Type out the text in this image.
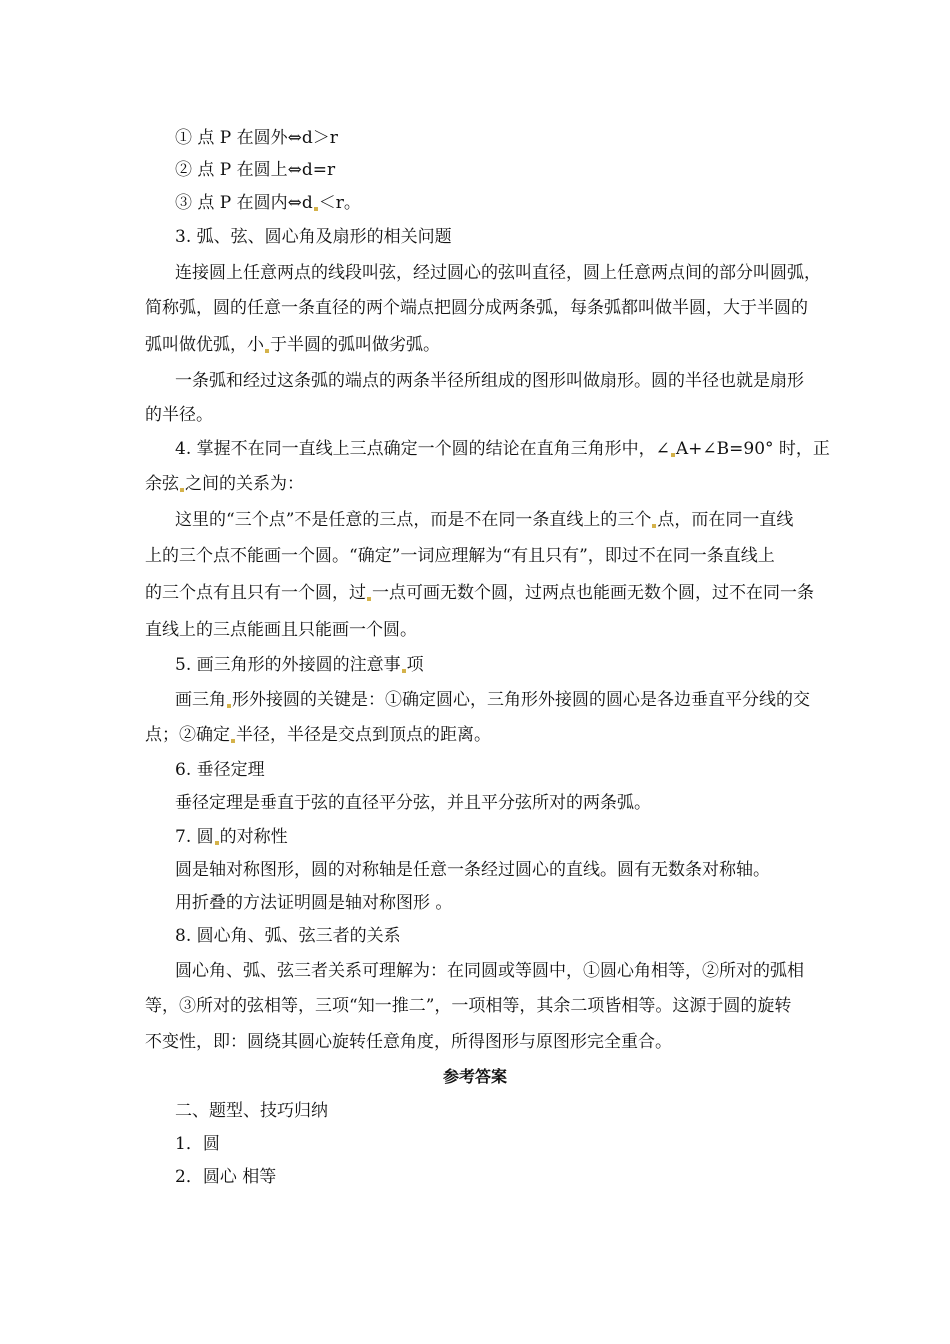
① 点 P 在圆外⇔d＞r
② 点 P 在圆上⇔d=r
③ 点 P 在圆内⇔d ＜r。
3. 弧、弦、圆心角及扇形的相关问题
连接圆上任意两点的线段叫弦，经过圆心的弦叫直径，圆上任意两点间的部分叫圆弧，
简称弧，圆的任意一条直径的两个端点把圆分成两条弧，每条弧都叫做半圆，大于半圆的
弧叫做优弧，小 于半圆的弧叫做劣弧。
一条弧和经过这条弧的端点的两条半径所组成的图形叫做扇形。圆的半径也就是扇形
的半径。
4. 掌握不在同一直线上三点确定一个圆的结论在直角三角形中，∠ A+∠B=90° 时，正
余弦 之间的关系为：
这里的“三个点”不是任意的三点，而是不在同一条直线上的三个 点，而在同一直线
上的三个点不能画一个圆。“确定”一词应理解为“有且只有”，即过不在同一条直线上
的三个点有且只有一个圆，过 一点可画无数个圆，过两点也能画无数个圆，过不在同一条
直线上的三点能画且只能画一个圆。
5. 画三角形的外接圆的注意事 项
画三角 形外接圆的关键是：①确定圆心，三角形外接圆的圆心是各边垂直平分线的交
点；②确定 半径，半径是交点到顶点的距离。
6. 垂径定理
垂径定理是垂直于弦的直径平分弦，并且平分弦所对的两条弧。
7. 圆 的对称性
圆是轴对称图形，圆的对称轴是任意一条经过圆心的直线。圆有无数条对称轴。
用折叠的方法证明圆是轴对称图形 。
8. 圆心角、弧、弦三者的关系
圆心角、弧、弦三者关系可理解为：在同圆或等圆中，①圆心角相等，②所对的弧相
等，③所对的弦相等，三项“知一推二”，一项相等，其余二项皆相等。这源于圆的旋转
不变性，即：圆绕其圆心旋转任意角度，所得图形与原图形完全重合。
参考答案
二、题型、技巧归纳
1．圆
2．圆心 相等
